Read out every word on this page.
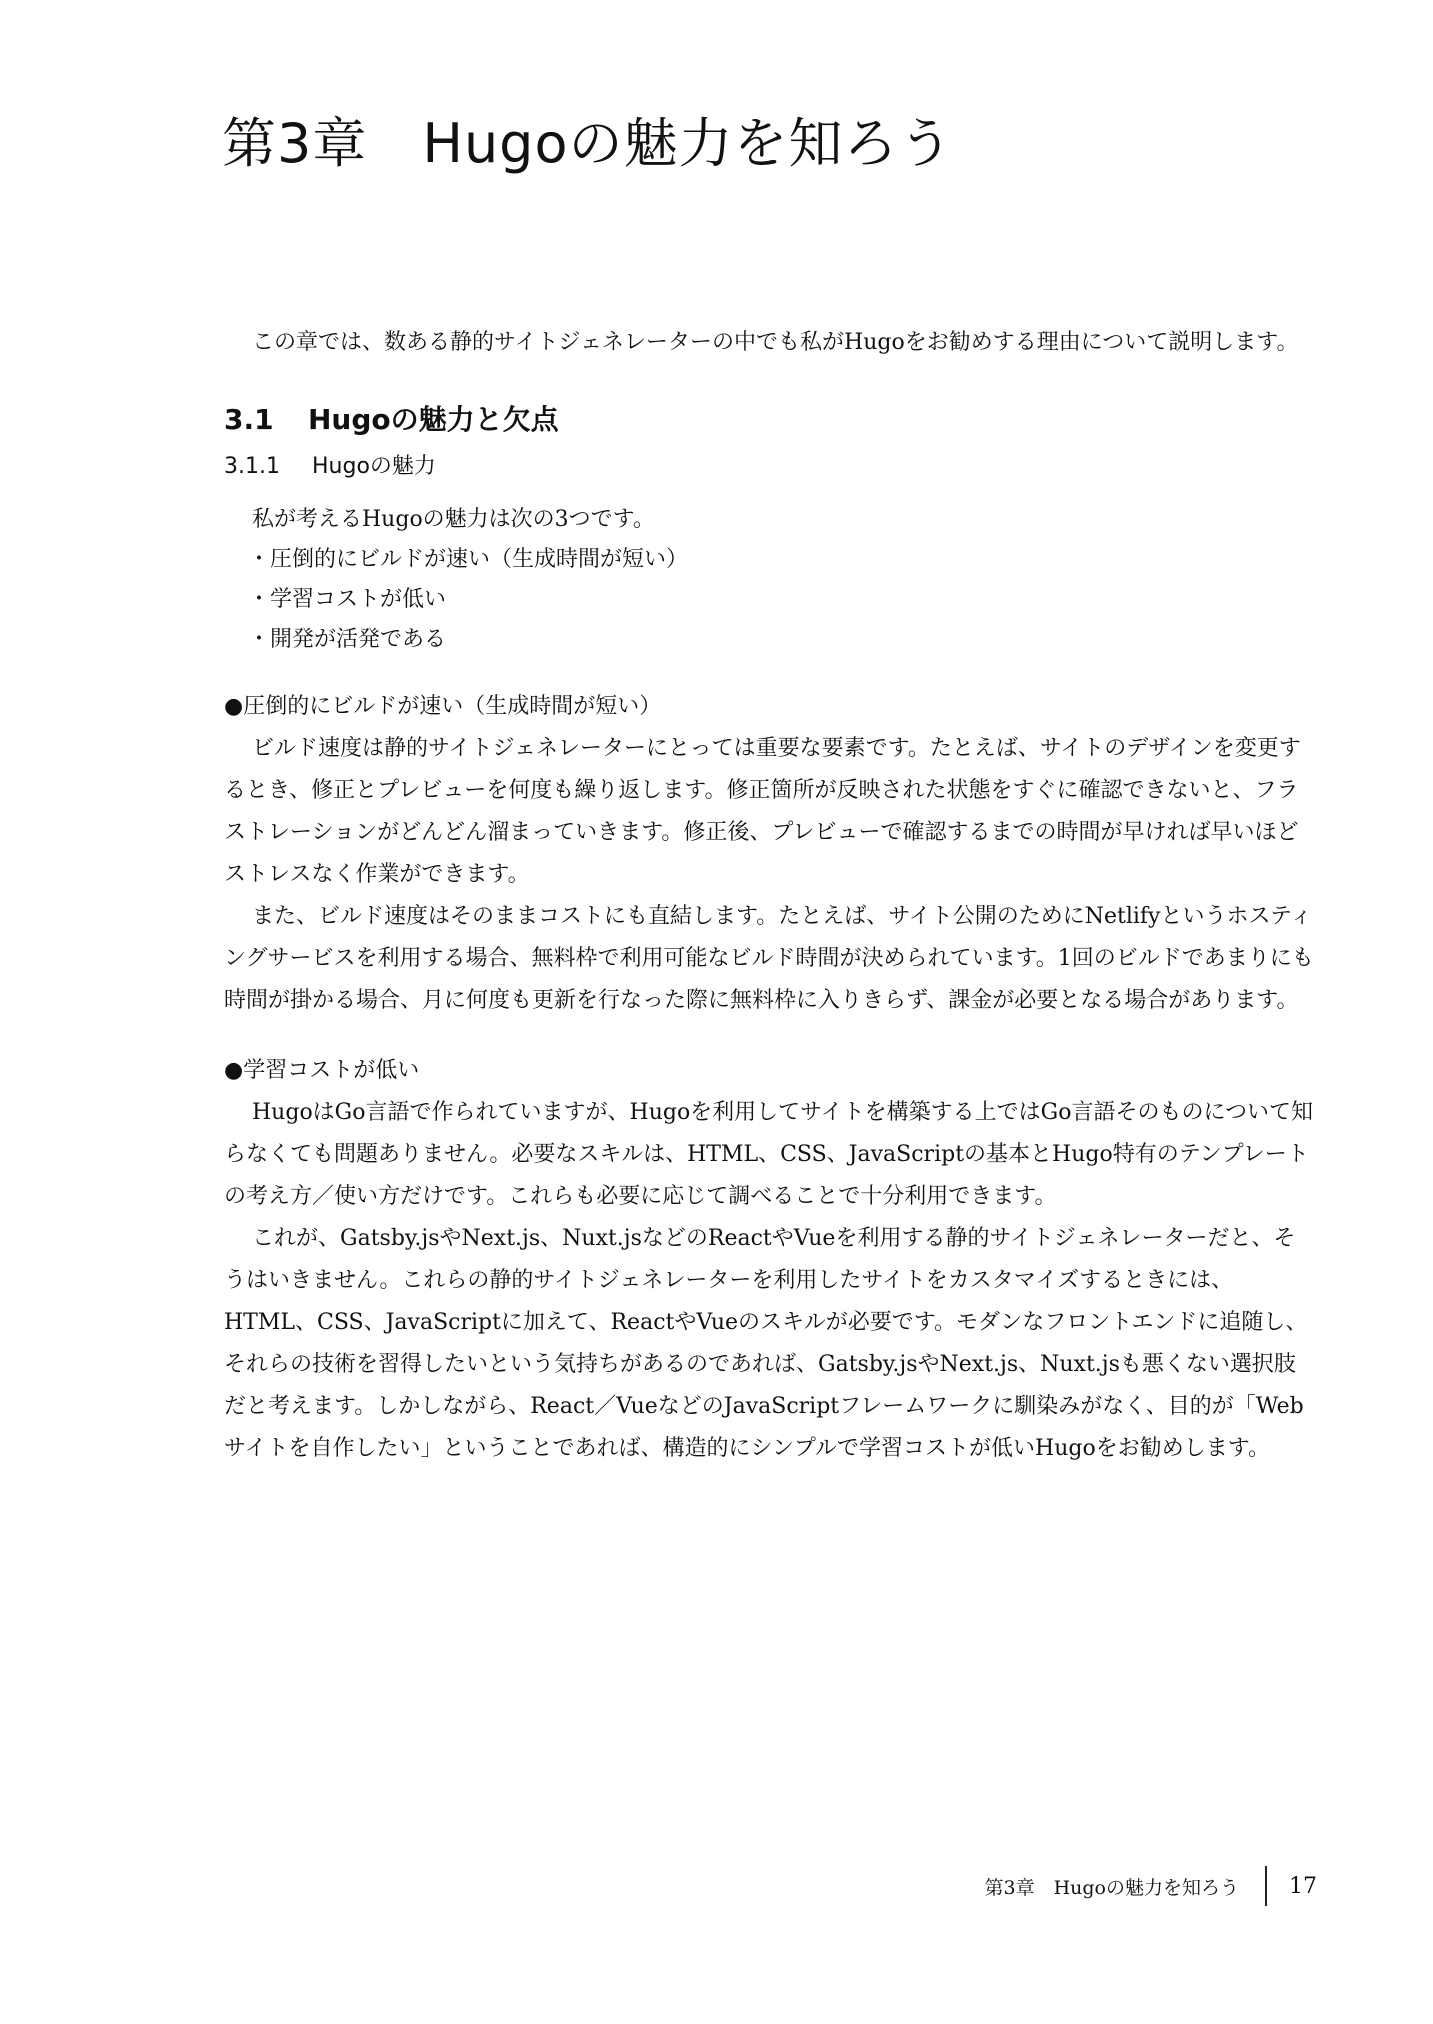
第3章　Hugoの魅力を知ろう

この章では、数ある静的サイトジェネレーターの中でも私がHugoをお勧めする理由について説明します。

3.1 Hugoの魅力と欠点
3.1.1 Hugoの魅力
私が考えるHugoの魅力は次の3つです。
・圧倒的にビルドが速い（生成時間が短い）
・学習コストが低い
・開発が活発である

●圧倒的にビルドが速い（生成時間が短い）

ビルド速度は静的サイトジェネレーターにとっては重要な要素です。たとえば、サイトのデザインを変更するとき、修正とプレビューを何度も繰り返します。修正箇所が反映された状態をすぐに確認できないと、フラストレーションがどんどん溜まっていきます。修正後、プレビューで確認するまでの時間が早ければ早いほどストレスなく作業ができます。

また、ビルド速度はそのままコストにも直結します。たとえば、サイト公開のためにNetlifyというホスティングサービスを利用する場合、無料枠で利用可能なビルド時間が決められています。1回のビルドであまりにも時間が掛かる場合、月に何度も更新を行なった際に無料枠に入りきらず、課金が必要となる場合があります。

●学習コストが低い

HugoはGo言語で作られていますが、Hugoを利用してサイトを構築する上ではGo言語そのものについて知らなくても問題ありません。必要なスキルは、HTML、CSS、JavaScriptの基本とHugo特有のテンプレートの考え方／使い方だけです。これらも必要に応じて調べることで十分利用できます。

これが、Gatsby.jsやNext.js、Nuxt.jsなどのReactやVueを利用する静的サイトジェネレーターだと、そうはいきません。これらの静的サイトジェネレーターを利用したサイトをカスタマイズするときには、HTML、CSS、JavaScriptに加えて、ReactやVueのスキルが必要です。モダンなフロントエンドに追随し、それらの技術を習得したいという気持ちがあるのであれば、Gatsby.jsやNext.js、Nuxt.jsも悪くない選択肢だと考えます。しかしながら、React／VueなどのJavaScriptフレームワークに馴染みがなく、目的が「Webサイトを自作したい」ということであれば、構造的にシンプルで学習コストが低いHugoをお勧めします。

第3章　Hugoの魅力を知ろう 17
